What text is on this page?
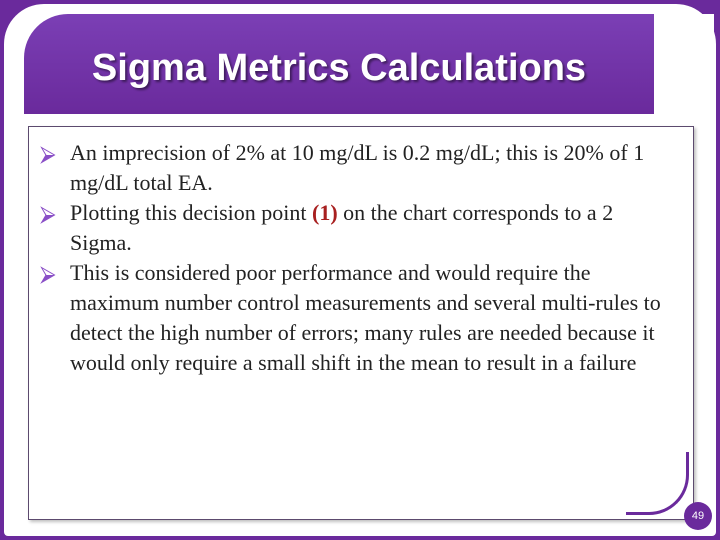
Sigma Metrics Calculations
⮚ An imprecision of 2% at 10 mg/dL is 0.2 mg/dL; this is 20% of 1 mg/dL total EA.
⮚ Plotting this decision point (1) on the chart corresponds to a 2 Sigma.
⮚ This is considered poor performance and would require the maximum number control measurements and several multi-rules to detect the high number of errors; many rules are needed because it would only require a small shift in the mean to result in a failure
49
